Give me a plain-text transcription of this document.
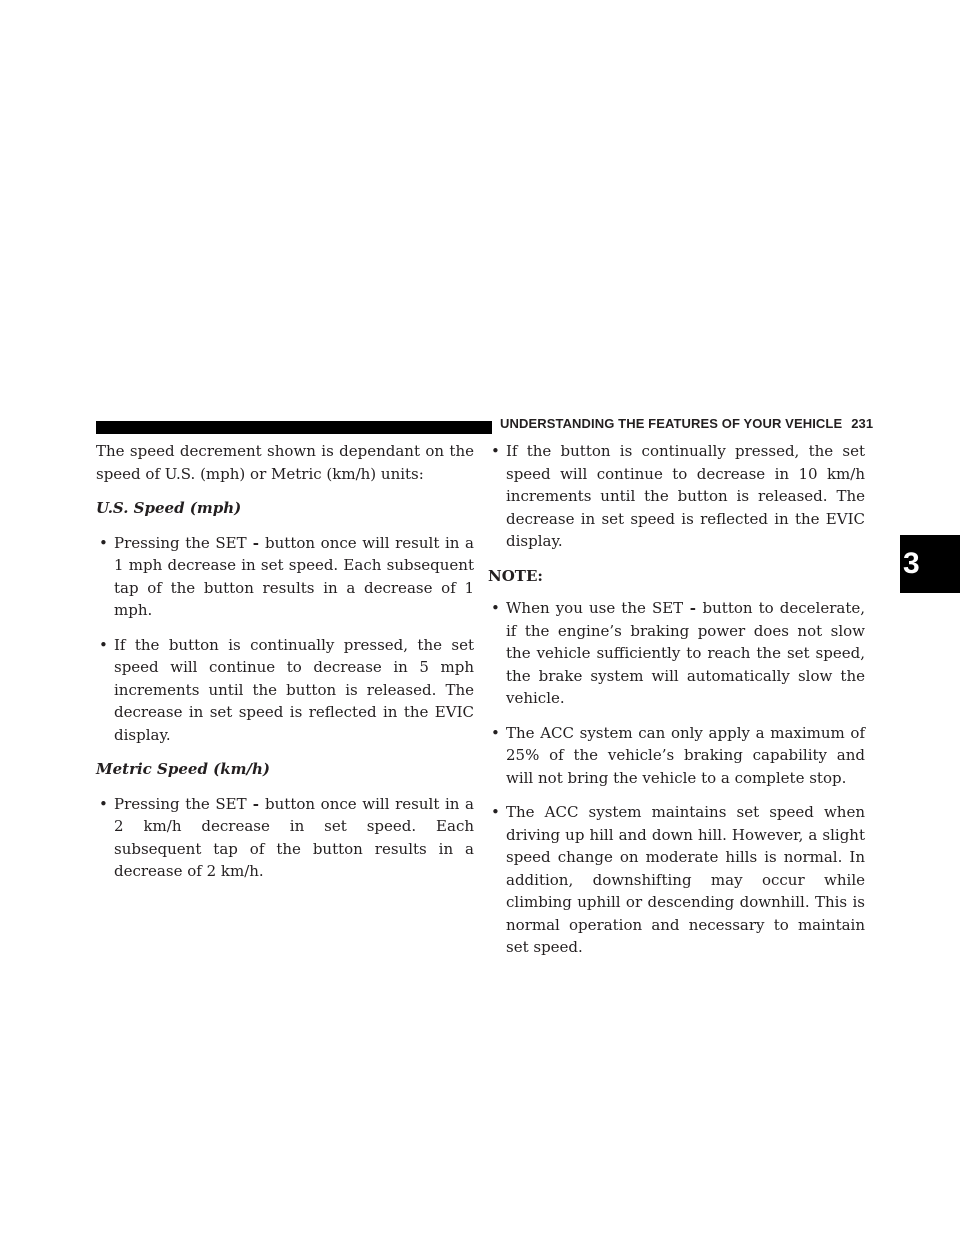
UNDERSTANDING THE FEATURES OF YOUR VEHICLE 231
3

The speed decrement shown is dependant on the speed of U.S. (mph) or Metric (km/h) units:

U.S. Speed (mph)
• Pressing the SET - button once will result in a 1 mph decrease in set speed. Each subsequent tap of the button results in a decrease of 1 mph.
• If the button is continually pressed, the set speed will continue to decrease in 5 mph increments until the button is released. The decrease in set speed is reflected in the EVIC display.
Metric Speed (km/h)
• Pressing the SET - button once will result in a 2 km/h decrease in set speed. Each subsequent tap of the button results in a decrease of 2 km/h.
• If the button is continually pressed, the set speed will continue to decrease in 10 km/h increments until the button is released. The decrease in set speed is reflected in the EVIC display.
NOTE:
• When you use the SET - button to decelerate, if the engine’s braking power does not slow the vehicle sufficiently to reach the set speed, the brake system will automatically slow the vehicle.
• The ACC system can only apply a maximum of 25% of the vehicle’s braking capability and will not bring the vehicle to a complete stop.
• The ACC system maintains set speed when driving up hill and down hill. However, a slight speed change on moderate hills is normal. In addition, downshifting may occur while climbing uphill or descending downhill. This is normal operation and necessary to maintain set speed.
